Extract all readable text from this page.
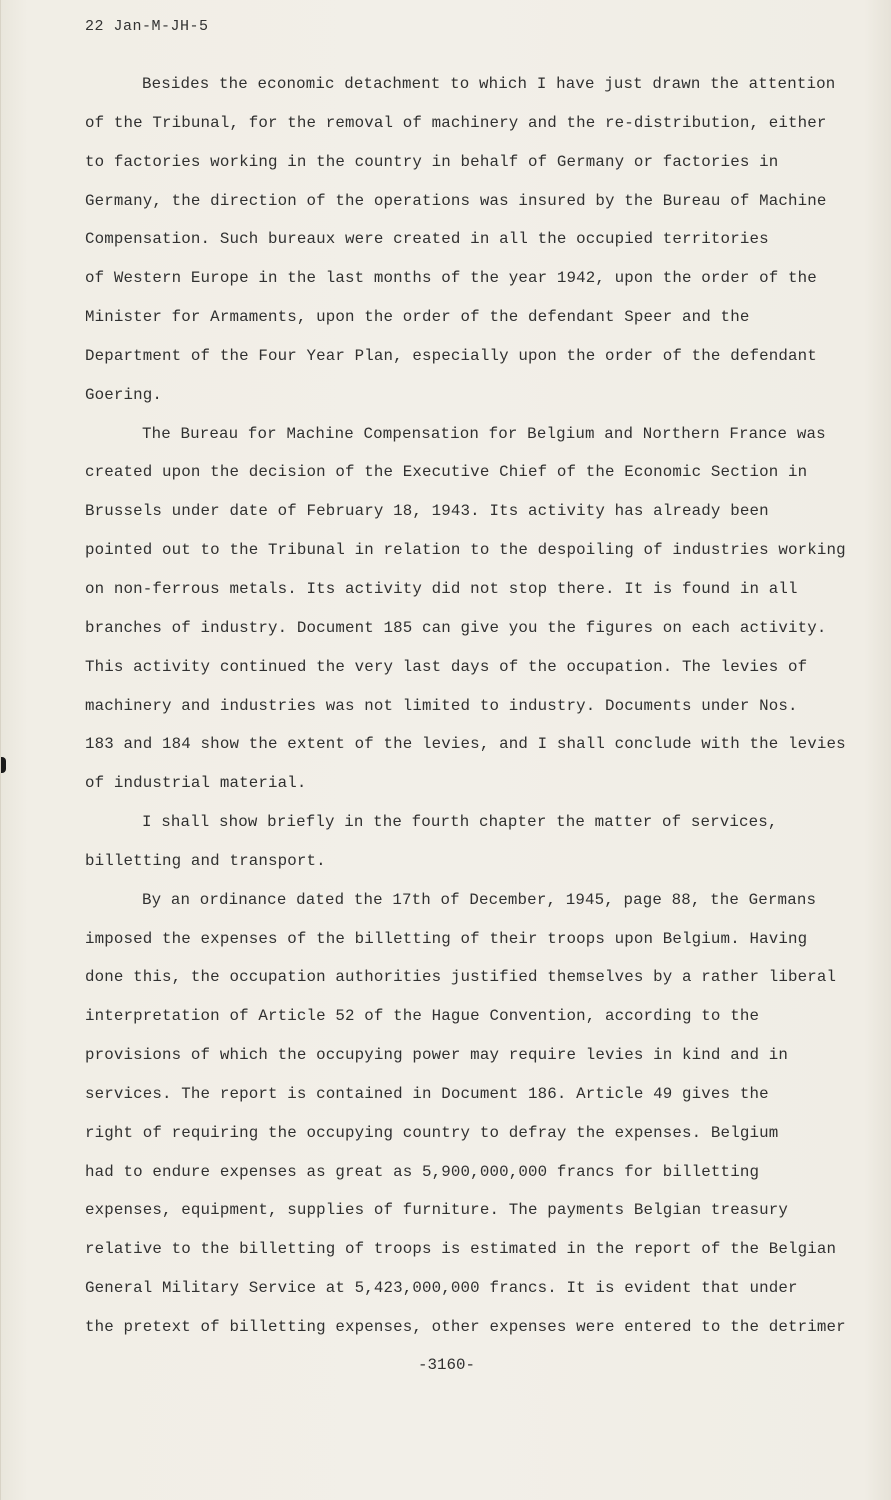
22 Jan-M-JH-5
Besides the economic detachment to which I have just drawn the attention
of the Tribunal, for the removal of machinery and the re-distribution, either
to factories working in the country in behalf of Germany or factories in
Germany, the direction of the operations was insured by the Bureau of Machine
Compensation. Such bureaux were created in all the occupied territories
of Western Europe in the last months of the year 1942, upon the order of the
Minister for Armaments, upon the order of the defendant Speer and the
Department of the Four Year Plan, especially upon the order of the defendant
Goering.
The Bureau for Machine Compensation for Belgium and Northern France was
created upon the decision of the Executive Chief of the Economic Section in
Brussels under date of February 18, 1943. Its activity has already been
pointed out to the Tribunal in relation to the despoiling of industries working
on non-ferrous metals. Its activity did not stop there. It is found in all
branches of industry. Document 185 can give you the figures on each activity.
This activity continued the very last days of the occupation. The levies of
machinery and industries was not limited to industry. Documents under Nos.
183 and 184 show the extent of the levies, and I shall conclude with the levies
of industrial material.
I shall show briefly in the fourth chapter the matter of services,
billetting and transport.
By an ordinance dated the 17th of December, 1945, page 88, the Germans
imposed the expenses of the billetting of their troops upon Belgium. Having
done this, the occupation authorities justified themselves by a rather liberal
interpretation of Article 52 of the Hague Convention, according to the
provisions of which the occupying power may require levies in kind and in
services. The report is contained in Document 186. Article 49 gives the
right of requiring the occupying country to defray the expenses. Belgium
had to endure expenses as great as 5,900,000,000 francs for billetting
expenses, equipment, supplies of furniture. The payments Belgian treasury
relative to the billetting of troops is estimated in the report of the Belgian
General Military Service at 5,423,000,000 francs. It is evident that under
the pretext of billetting expenses, other expenses were entered to the detrimer
-3160-
